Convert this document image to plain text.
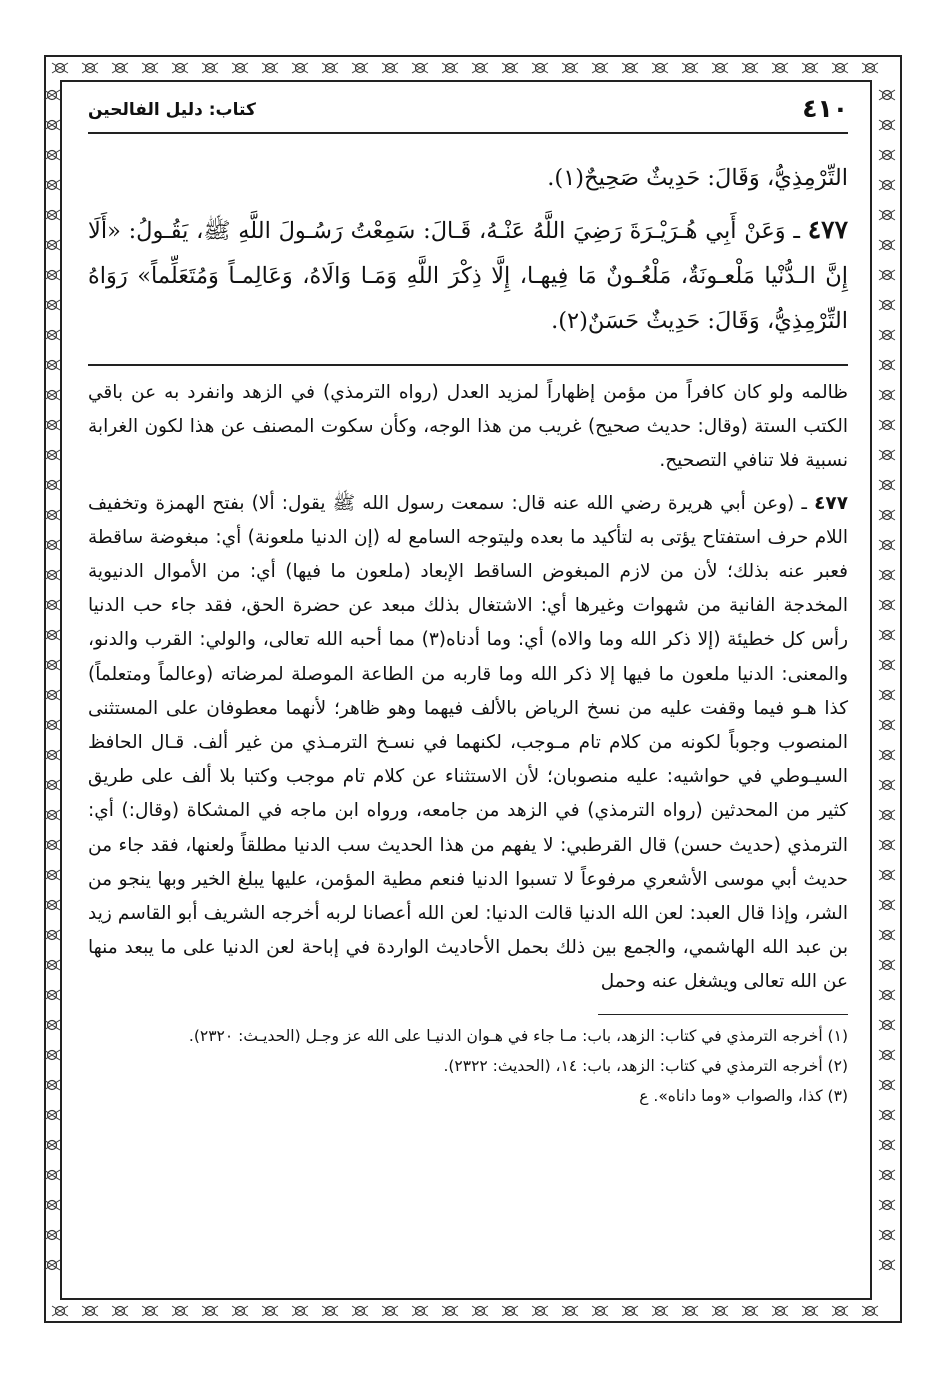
٤١٠
كتاب: دليل الفالحين

التِّرْمِذِيُّ، وَقَالَ: حَدِيثٌ صَحِيحٌ(١).

٤٧٧ ـ وَعَنْ أَبِي هُـرَيْـرَةَ رَضِيَ اللَّهُ عَنْـهُ، قَـالَ: سَمِعْتُ رَسُـولَ اللَّهِ ﷺ، يَقُـولُ: «أَلَا إِنَّ الـدُّنْيا مَلْعـونَةٌ، مَلْعُـونٌ مَا فِيهـا، إِلَّا ذِكْرَ اللَّهِ وَمَـا وَالَاهُ، وَعَالِمـاً وَمُتَعَلِّماً» رَوَاهُ التِّرْمِذِيُّ، وَقَالَ: حَدِيثٌ حَسَنٌ(٢).

ظالمه ولو كان كافراً من مؤمن إظهاراً لمزيد العدل (رواه الترمذي) في الزهد وانفرد به عن باقي الكتب الستة (وقال: حديث صحيح) غريب من هذا الوجه، وكأن سكوت المصنف عن هذا لكون الغرابة نسبية فلا تنافي التصحيح.

٤٧٧ ـ (وعن أبي هريرة رضي الله عنه قال: سمعت رسول الله ﷺ يقول: ألا) بفتح الهمزة وتخفيف اللام حرف استفتاح يؤتى به لتأكيد ما بعده وليتوجه السامع له (إن الدنيا ملعونة) أي: مبغوضة ساقطة فعبر عنه بذلك؛ لأن من لازم المبغوض الساقط الإبعاد (ملعون ما فيها) أي: من الأموال الدنيوية المخدجة الفانية من شهوات وغيرها أي: الاشتغال بذلك مبعد عن حضرة الحق، فقد جاء حب الدنيا رأس كل خطيئة (إلا ذكر الله وما والاه) أي: وما أدناه(٣) مما أحبه الله تعالى، والولي: القرب والدنو، والمعنى: الدنيا ملعون ما فيها إلا ذكر الله وما قاربه من الطاعة الموصلة لمرضاته (وعالماً ومتعلماً) كذا هـو فيما وقفت عليه من نسخ الرياض بالألف فيهما وهو ظاهر؛ لأنهما معطوفان على المستثنى المنصوب وجوباً لكونه من كلام تام مـوجب، لكنهما في نسـخ الترمـذي من غير ألف. قـال الحافظ السيـوطي في حواشيه: عليه منصوبان؛ لأن الاستثناء عن كلام تام موجب وكتبا بلا ألف على طريق كثير من المحدثين (رواه الترمذي) في الزهد من جامعه، ورواه ابن ماجه في المشكاة (وقال:) أي: الترمذي (حديث حسن) قال القرطبي: لا يفهم من هذا الحديث سب الدنيا مطلقاً ولعنها، فقد جاء من حديث أبي موسى الأشعري مرفوعاً لا تسبوا الدنيا فنعم مطية المؤمن، عليها يبلغ الخير وبها ينجو من الشر، وإذا قال العبد: لعن الله الدنيا قالت الدنيا: لعن الله أعصانا لربه أخرجه الشريف أبو القاسم زيد بن عبد الله الهاشمي، والجمع بين ذلك بحمل الأحاديث الواردة في إباحة لعن الدنيا على ما يبعد منها عن الله تعالى ويشغل عنه وحمل

(١) أخرجه الترمذي في كتاب: الزهد، باب: مـا جاء في هـوان الدنيـا على الله عز وجـل (الحديـث: ٢٣٢٠).

(٢) أخرجه الترمذي في كتاب: الزهد، باب: ١٤، (الحديث: ٢٣٢٢).

(٣) كذا، والصواب «وما داناه». ع
